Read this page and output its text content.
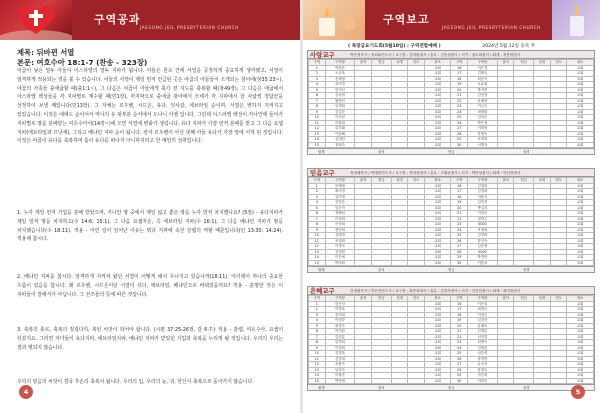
구역공과
JAESONG JEIL PRESBYTERIAN CHURCH
구역보고
JAESONG JEIL PRESBYTERIAN CHURCH
제목: 뒤바뀐 서열
본문: 여호수아 18:1-7 (찬송 - 323장)
이곱이 낳은 열두 아들이 이스라엘의 열두 지파가 됩니다. 이들은 원호 간에 서열을 공정하게 중요하게 생각했고, 서열이 엄격하게 적용되는 것을 볼 수 있습니다. 이들의 서열이 제일 먼저 언급된 곳은 야곱의 아들들이 소개되는 창이에(창35:23~), 야곱의 가족들 출애굽할 때(출1:1~), 그 다음은 야곱이 아들에게 축기 전 지도를 축복할 때(창49장), 그 다음은 애굽에서 아스라엘 백성들을 각 지파별로 계수할 때(민1장), 마지막으로 출애굽 광야에서 모세가 각 지파에서 한 사람씩 정탐꾼을 선정하여 보낼 때입니다(민13장). 그 자체는 르우벤, 시므온, 유다, 잇사갈, 에브라임 순이며, 서열은 변하지 지켜지고 있었습니다. 이것은 애애도 순이어서 마니의 유 뒷부분 순서에서 도나니 아셀 입니다. 그런데 이스라엘 백성이 가나안에 들어가 지파별로 땅을 분배받는 여호수아서(14장~)에 오면 서열에 변화가 생깁니다. 유다 지파가 가장 먼저 분배를 받고 그 다음 요셉 지파(에브라임과 므낫세), 그리고 베냐민 지파 순이 됩니다. 장자 르우벤이 아닌 넷째 아들 유다가 가장 앞에 서게 된 것입니다. 이것은 야곱이 유다를 축복하며 홀이 유다를 떠나지 아니하리라고 한 예언의 성취입니다.
1. 누가 제일 먼저 기업을 분배 받았으며, 가나안 땅 중에서 제일 넓고 좋은 땅을 누가 먼저 차지했나요? (5절) - 유다지파가 제일 먼저 땅을 차지하고(수 14:6, 15:1), 그 다음 요셉자손, 즉 에브라임 지파(수 16:1), 그 다음 베냐민 지파가 땅을 차지했습니다(수 18:11). 적용 - 이런 일이 일어난 이유는 뭐다 지파에 속한 갈렙의 역할 때문입니다(민 13:30, 14:24). 적용해 봅시다.
2. 베냐민 지파를 봅시다. 엄격하게 지켜져 왔던 서열이 어떻게 해서 무너지고 있습니까(18:11). 여기에서 하나의 중요한 흐름이 있음을 봅니다. 왜 르우벤, 시므온이던 서열이 뒤다, 에브라임, 베냐민으로 바뀌었을까요? 적용 - 분명한 것은 이 지파들이 잘해서가 아닙니다. 그 선조들의 뜻에 따른 것입니다.
3. 축복의 통로, 축복의 징검다리, 복된 씨앗이 되어야 합니다. (시편 37:25-26절, 갈 6:7-) 적용 - 갈렙, 여호수아, 요셉이 뒤섰지요. 그러면 자녀들이 유다지파, 에브라임지파, 베냐민 지파가 받았던 기업과 축복을 누리게 될 것입니다. 우리의 우리는 결과 햇되지 않습니다.
우리의 믿음의 씨앗이 결국 후손의 축복이 됩니다. 우리의 입, 우리의 눈, 귀, 한신이 축복으로 돌아가기 않습니다.
( 목장금요기도회(5월10일) : 구역연합예배 )	2024년 5월 12일 등록 주
사랑교구	박준영목사 / 정희희전도사 / 교구장 : 김하원권사 / 총무 : 김봉성집사 / 서기 : 권도희집사 / 회계 : 정봉렬집사
구역	구역장	출석	헌금	성경	전도	장소	구역	구역장	출석	헌금	성경	전도	장소
1	박성순					교회	16	이은경					교회
2	오순옥					교회	17	김태숙					교회
3	송혜영					교회	18	최순자					교회
4	조미경					교회	19	오윤희					교회
5	한미선					교회	20	박지연					교회
6	김성철					교회	21	김선영					교회
7	황영선					교회	22	윤혜자					교회
8	임재희					교회	23	이금숙					교회
9	김길순					교회	24	최명희					교회
10	이순남					교회	25	김옥순					교회
11	이춘화					교회	26	박은정					교회
12	김부래					교회	27	이복남					교회
13	이남해					교회	28	한영숙					교회
14	김대선					교회	29	조미화					교회
15	정희숙					교회	30	서명옥					교회
합계	출석	헌금	성경
믿음교구	정정래목사 / 박명란전도사 / 교구장 : 정미선권사 / 총무 : 고필균집사 / 서기 : 박미성집사 / 회계 : 이선영집사
구역	구역장	출석	헌금	성경	전도	장소	구역	구역장	출석	헌금	성경	전도	장소
1	문혜영					교회	16	김정희					교회
2	최미정					교회	17	김정희					교회
3	김미영					교회	18	지용숙					교회
4	김영순					교회	19	김미경					교회
5	임순자					교회	20	박길지					교회
6	정해성					교회	21	이정숙					교회
7	이정희					교회	22	정연주					교회
8	문정희					교회	23	0000					교회
9	장민희					교회	24	조정희					교회
10	심태경					교회	25	김정희					교회
11	조정화					교회	26	한인숙					교회
12	이명숙					교회	27	김순영					교회
13	김정란					교회	28	0000					교회
14	이순애					교회	29	박경란					교회
15	박미화					교회	30	이봉옥					교회
합계	출석	헌금	성경
은혜교구	김정원목사 / 허은련전도사 / 교구장 : 최종희권사 / 총무 : 김경자집사 / 서기 : 김현미집사 / 회계 : 최미정집사
구역	구역장	출석	헌금	성경	전도	장소	구역	구역장	출석	헌금	성경	전도	장소
1	한은자					교회	16	이은희					교회
2	이영옥					교회	17	최정숙					교회
3	송미희					교회	18	이정숙					교회
4	이경순					교회	19	김지현					교회
5	최경숙					교회	20	유혜숙					교회
6	이미란					교회	21	김정분					교회
7	김순분					교회	22	신미경					교회
8	한경희					교회	23	최명숙					교회
9	이정희					교회	24	김영선					교회
10	김명옥					교회	25	임순희					교회
11	김성희					교회	26	장경자					교회
12	조봉숙					교회	27	유숙자					교회
13	남정숙					교회	28	장경숙					교회
14	이복순					교회	29	정순희					교회
15	박영애					교회	30	이미숙					교회
합계	출석	헌금	성경
4	5
